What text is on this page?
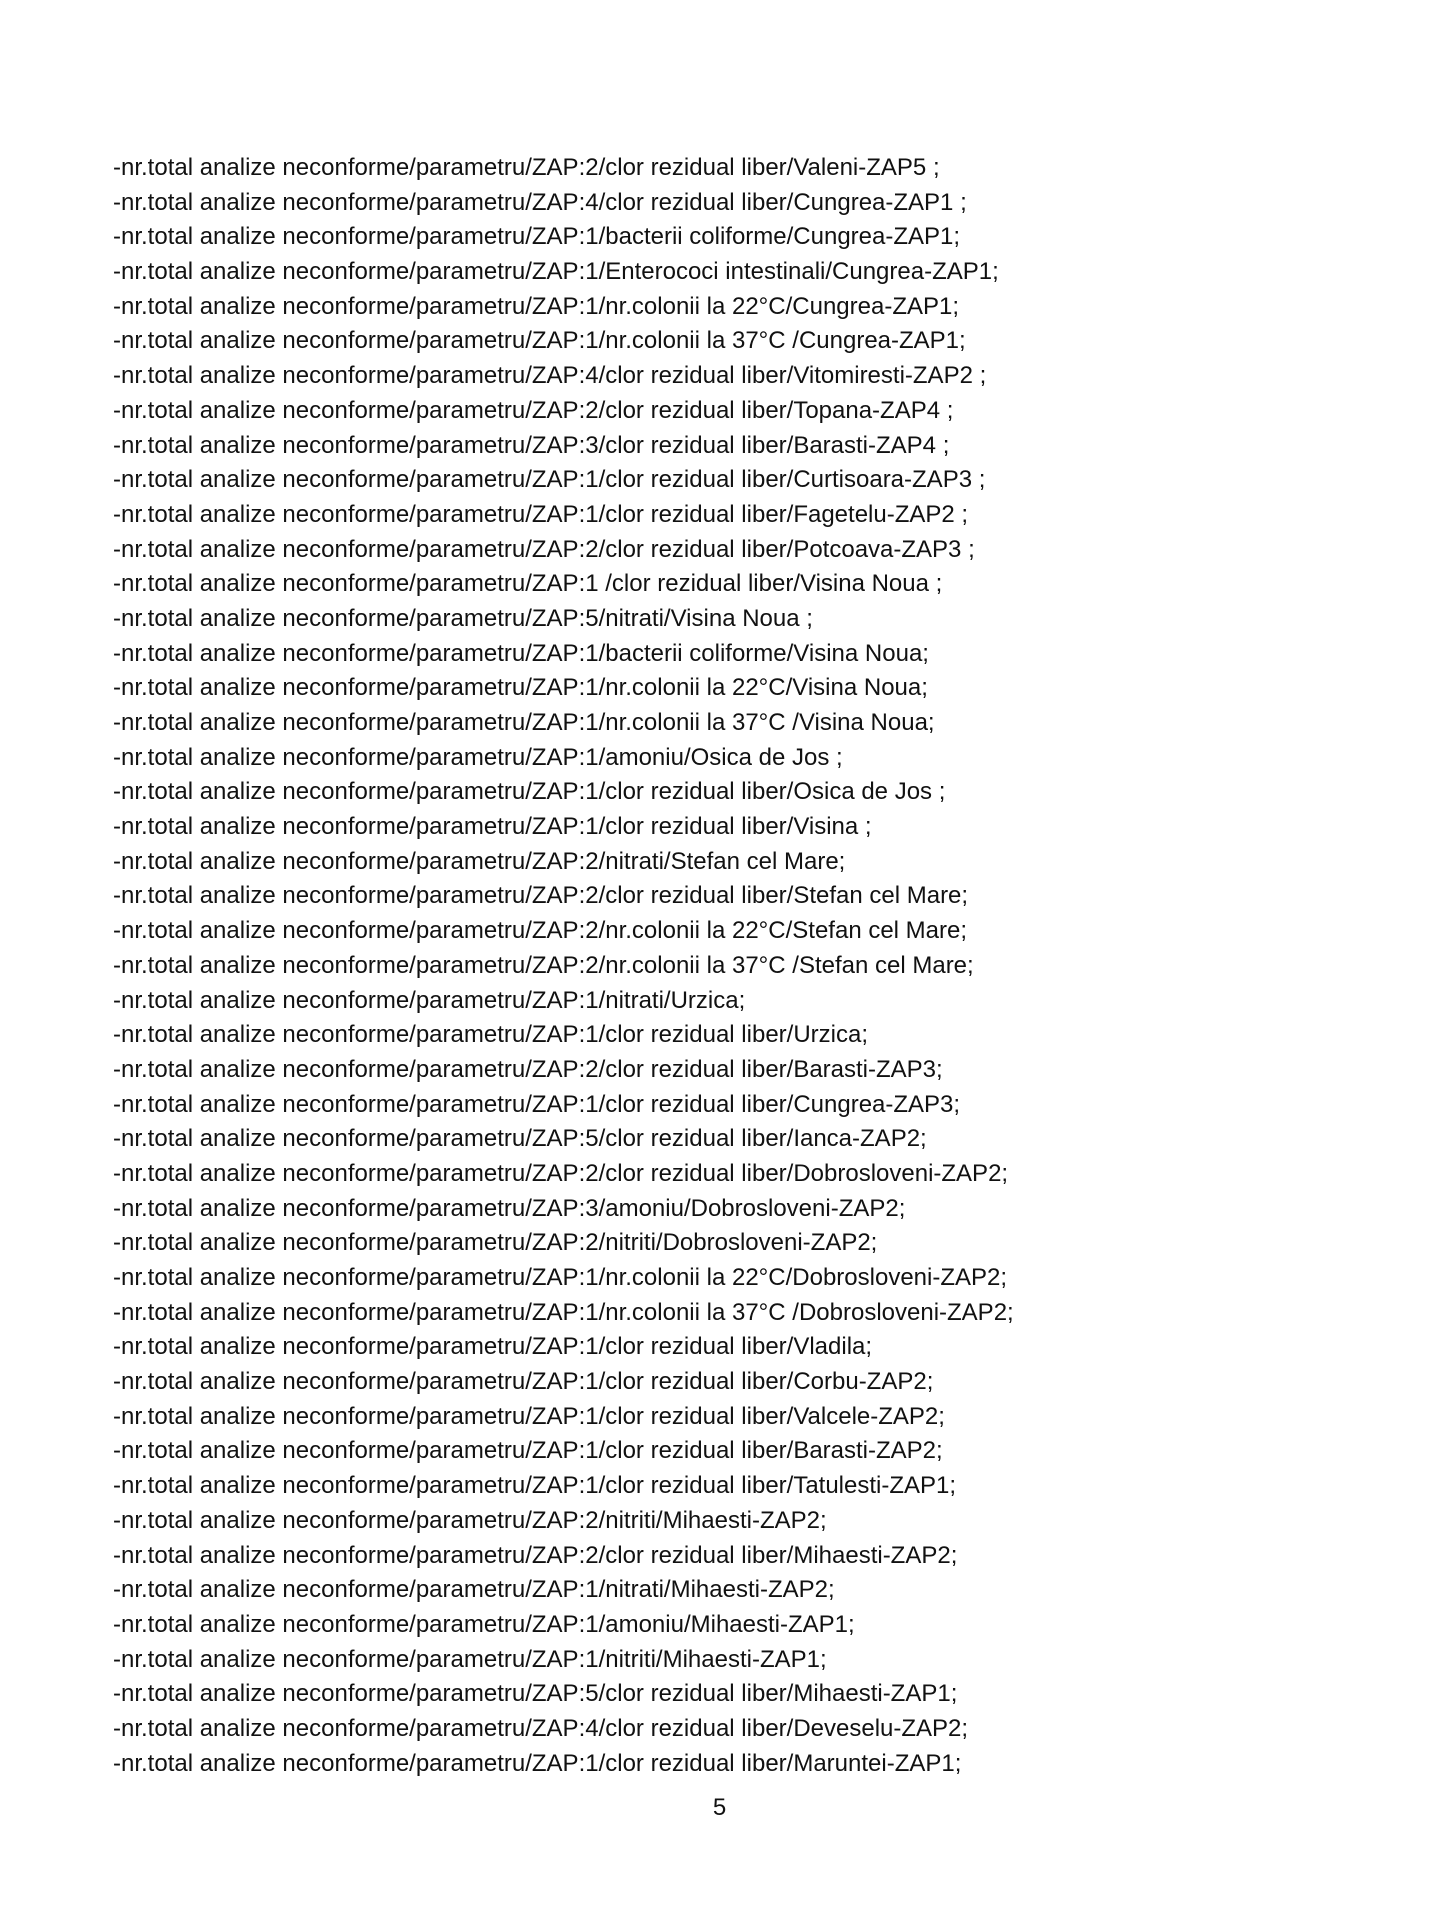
-nr.total analize neconforme/parametru/ZAP:2/clor rezidual liber/Valeni-ZAP5 ;
-nr.total analize neconforme/parametru/ZAP:4/clor rezidual liber/Cungrea-ZAP1 ;
-nr.total analize neconforme/parametru/ZAP:1/bacterii coliforme/Cungrea-ZAP1;
-nr.total analize neconforme/parametru/ZAP:1/Enterococi intestinali/Cungrea-ZAP1;
-nr.total analize neconforme/parametru/ZAP:1/nr.colonii la 22°C/Cungrea-ZAP1;
-nr.total analize neconforme/parametru/ZAP:1/nr.colonii la 37°C /Cungrea-ZAP1;
-nr.total analize neconforme/parametru/ZAP:4/clor rezidual liber/Vitomiresti-ZAP2 ;
-nr.total analize neconforme/parametru/ZAP:2/clor rezidual liber/Topana-ZAP4 ;
-nr.total analize neconforme/parametru/ZAP:3/clor rezidual liber/Barasti-ZAP4 ;
-nr.total analize neconforme/parametru/ZAP:1/clor rezidual liber/Curtisoara-ZAP3 ;
-nr.total analize neconforme/parametru/ZAP:1/clor rezidual liber/Fagetelu-ZAP2 ;
-nr.total analize neconforme/parametru/ZAP:2/clor rezidual liber/Potcoava-ZAP3 ;
-nr.total analize neconforme/parametru/ZAP:1 /clor rezidual liber/Visina Noua ;
-nr.total analize neconforme/parametru/ZAP:5/nitrati/Visina Noua ;
-nr.total analize neconforme/parametru/ZAP:1/bacterii coliforme/Visina Noua;
-nr.total analize neconforme/parametru/ZAP:1/nr.colonii la 22°C/Visina Noua;
-nr.total analize neconforme/parametru/ZAP:1/nr.colonii la 37°C /Visina Noua;
-nr.total analize neconforme/parametru/ZAP:1/amoniu/Osica de Jos ;
-nr.total analize neconforme/parametru/ZAP:1/clor rezidual liber/Osica de Jos ;
-nr.total analize neconforme/parametru/ZAP:1/clor rezidual liber/Visina ;
-nr.total analize neconforme/parametru/ZAP:2/nitrati/Stefan cel Mare;
-nr.total analize neconforme/parametru/ZAP:2/clor rezidual liber/Stefan cel Mare;
-nr.total analize neconforme/parametru/ZAP:2/nr.colonii la 22°C/Stefan cel Mare;
-nr.total analize neconforme/parametru/ZAP:2/nr.colonii la 37°C /Stefan cel Mare;
-nr.total analize neconforme/parametru/ZAP:1/nitrati/Urzica;
-nr.total analize neconforme/parametru/ZAP:1/clor rezidual liber/Urzica;
-nr.total analize neconforme/parametru/ZAP:2/clor rezidual liber/Barasti-ZAP3;
-nr.total analize neconforme/parametru/ZAP:1/clor rezidual liber/Cungrea-ZAP3;
-nr.total analize neconforme/parametru/ZAP:5/clor rezidual liber/Ianca-ZAP2;
-nr.total analize neconforme/parametru/ZAP:2/clor rezidual liber/Dobrosloveni-ZAP2;
-nr.total analize neconforme/parametru/ZAP:3/amoniu/Dobrosloveni-ZAP2;
-nr.total analize neconforme/parametru/ZAP:2/nitriti/Dobrosloveni-ZAP2;
-nr.total analize neconforme/parametru/ZAP:1/nr.colonii la 22°C/Dobrosloveni-ZAP2;
-nr.total analize neconforme/parametru/ZAP:1/nr.colonii la 37°C /Dobrosloveni-ZAP2;
-nr.total analize neconforme/parametru/ZAP:1/clor rezidual liber/Vladila;
-nr.total analize neconforme/parametru/ZAP:1/clor rezidual liber/Corbu-ZAP2;
-nr.total analize neconforme/parametru/ZAP:1/clor rezidual liber/Valcele-ZAP2;
-nr.total analize neconforme/parametru/ZAP:1/clor rezidual liber/Barasti-ZAP2;
-nr.total analize neconforme/parametru/ZAP:1/clor rezidual liber/Tatulesti-ZAP1;
-nr.total analize neconforme/parametru/ZAP:2/nitriti/Mihaesti-ZAP2;
-nr.total analize neconforme/parametru/ZAP:2/clor rezidual liber/Mihaesti-ZAP2;
-nr.total analize neconforme/parametru/ZAP:1/nitrati/Mihaesti-ZAP2;
-nr.total analize neconforme/parametru/ZAP:1/amoniu/Mihaesti-ZAP1;
-nr.total analize neconforme/parametru/ZAP:1/nitriti/Mihaesti-ZAP1;
-nr.total analize neconforme/parametru/ZAP:5/clor rezidual liber/Mihaesti-ZAP1;
-nr.total analize neconforme/parametru/ZAP:4/clor rezidual liber/Deveselu-ZAP2;
-nr.total analize neconforme/parametru/ZAP:1/clor rezidual liber/Maruntei-ZAP1;
5
